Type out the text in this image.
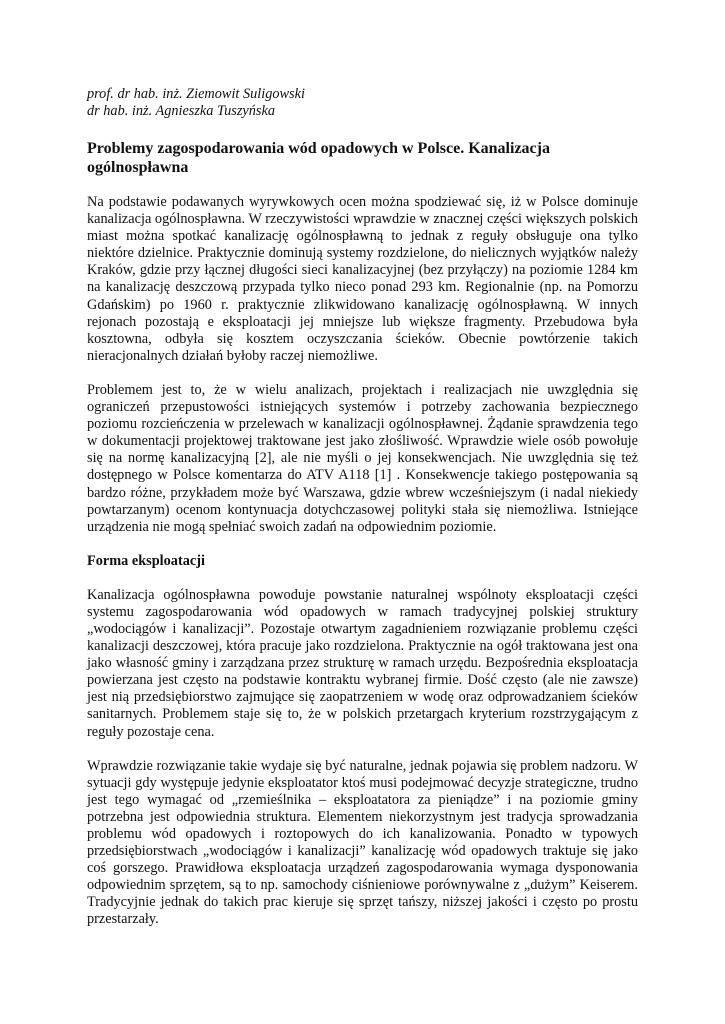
prof. dr hab. inż. Ziemowit Suligowski

dr hab. inż. Agnieszka Tuszyńska

Problemy zagospodarowania wód opadowych w Polsce. Kanalizacja ogólnospławna

Na podstawie podawanych wyrywkowych ocen można spodziewać się, iż w Polsce dominuje kanalizacja ogólnospławna. W rzeczywistości wprawdzie w znacznej części większych polskich miast można spotkać kanalizację ogólnospławną to jednak z reguły obsługuje ona tylko niektóre dzielnice. Praktycznie dominują systemy rozdzielone, do nielicznych wyjątków należy Kraków, gdzie przy łącznej długości sieci kanalizacyjnej (bez przyłączy) na poziomie 1284 km na kanalizację deszczową przypada tylko nieco ponad 293 km. Regionalnie (np. na Pomorzu Gdańskim) po 1960 r. praktycznie zlikwidowano kanalizację ogólnospławną. W innych rejonach pozostają e eksploatacji jej mniejsze lub większe fragmenty. Przebudowa była kosztowna, odbyła się kosztem oczyszczania ścieków. Obecnie powtórzenie takich nieracjonalnych działań byłoby raczej niemożliwe.

Problemem jest to, że w wielu analizach, projektach i realizacjach nie uwzględnia się ograniczeń przepustowości istniejących systemów i potrzeby zachowania bezpiecznego poziomu rozcieńczenia w przelewach w kanalizacji ogólnospławnej. Żądanie sprawdzenia tego w dokumentacji projektowej traktowane jest jako złośliwość. Wprawdzie wiele osób powołuje się na normę kanalizacyjną [2], ale nie myśli o jej konsekwencjach. Nie uwzględnia się też dostępnego w Polsce komentarza do ATV A118 [1] . Konsekwencje takiego postępowania są bardzo różne, przykładem może być Warszawa, gdzie wbrew wcześniejszym (i nadal niekiedy powtarzanym) ocenom kontynuacja dotychczasowej polityki stała się niemożliwa. Istniejące urządzenia nie mogą spełniać swoich zadań na odpowiednim poziomie.

Forma eksploatacji

Kanalizacja ogólnospławna powoduje powstanie naturalnej wspólnoty eksploatacji części systemu zagospodarowania wód opadowych w ramach tradycyjnej polskiej struktury „wodociągów i kanalizacji”. Pozostaje otwartym zagadnieniem rozwiązanie problemu części kanalizacji deszczowej, która pracuje jako rozdzielona. Praktycznie na ogół traktowana jest ona jako własność gminy i zarządzana przez strukturę w ramach urzędu. Bezpośrednia eksploatacja powierzana jest często na podstawie kontraktu wybranej firmie. Dość często (ale nie zawsze) jest nią przedsiębiorstwo zajmujące się zaopatrzeniem w wodę oraz odprowadzaniem ścieków sanitarnych. Problemem staje się to, że w polskich przetargach kryterium rozstrzygającym z reguły pozostaje cena.

Wprawdzie rozwiązanie takie wydaje się być naturalne, jednak pojawia się problem nadzoru. W sytuacji gdy występuje jedynie eksploatator ktoś musi podejmować decyzje strategiczne, trudno jest tego wymagać od „rzemieślnika – eksploatatora za pieniądze” i na poziomie gminy potrzebna jest odpowiednia struktura. Elementem niekorzystnym jest tradycja sprowadzania problemu wód opadowych i roztopowych do ich kanalizowania. Ponadto w typowych przedsiębiorstwach „wodociągów i kanalizacji” kanalizację wód opadowych traktuje się jako coś gorszego. Prawidłowa eksploatacja urządzeń zagospodarowania wymaga dysponowania odpowiednim sprzętem, są to np. samochody ciśnieniowe porównywalne z „dużym” Keiserem. Tradycyjnie jednak do takich prac kieruje się sprzęt tańszy, niższej jakości i często po prostu przestarzały.
